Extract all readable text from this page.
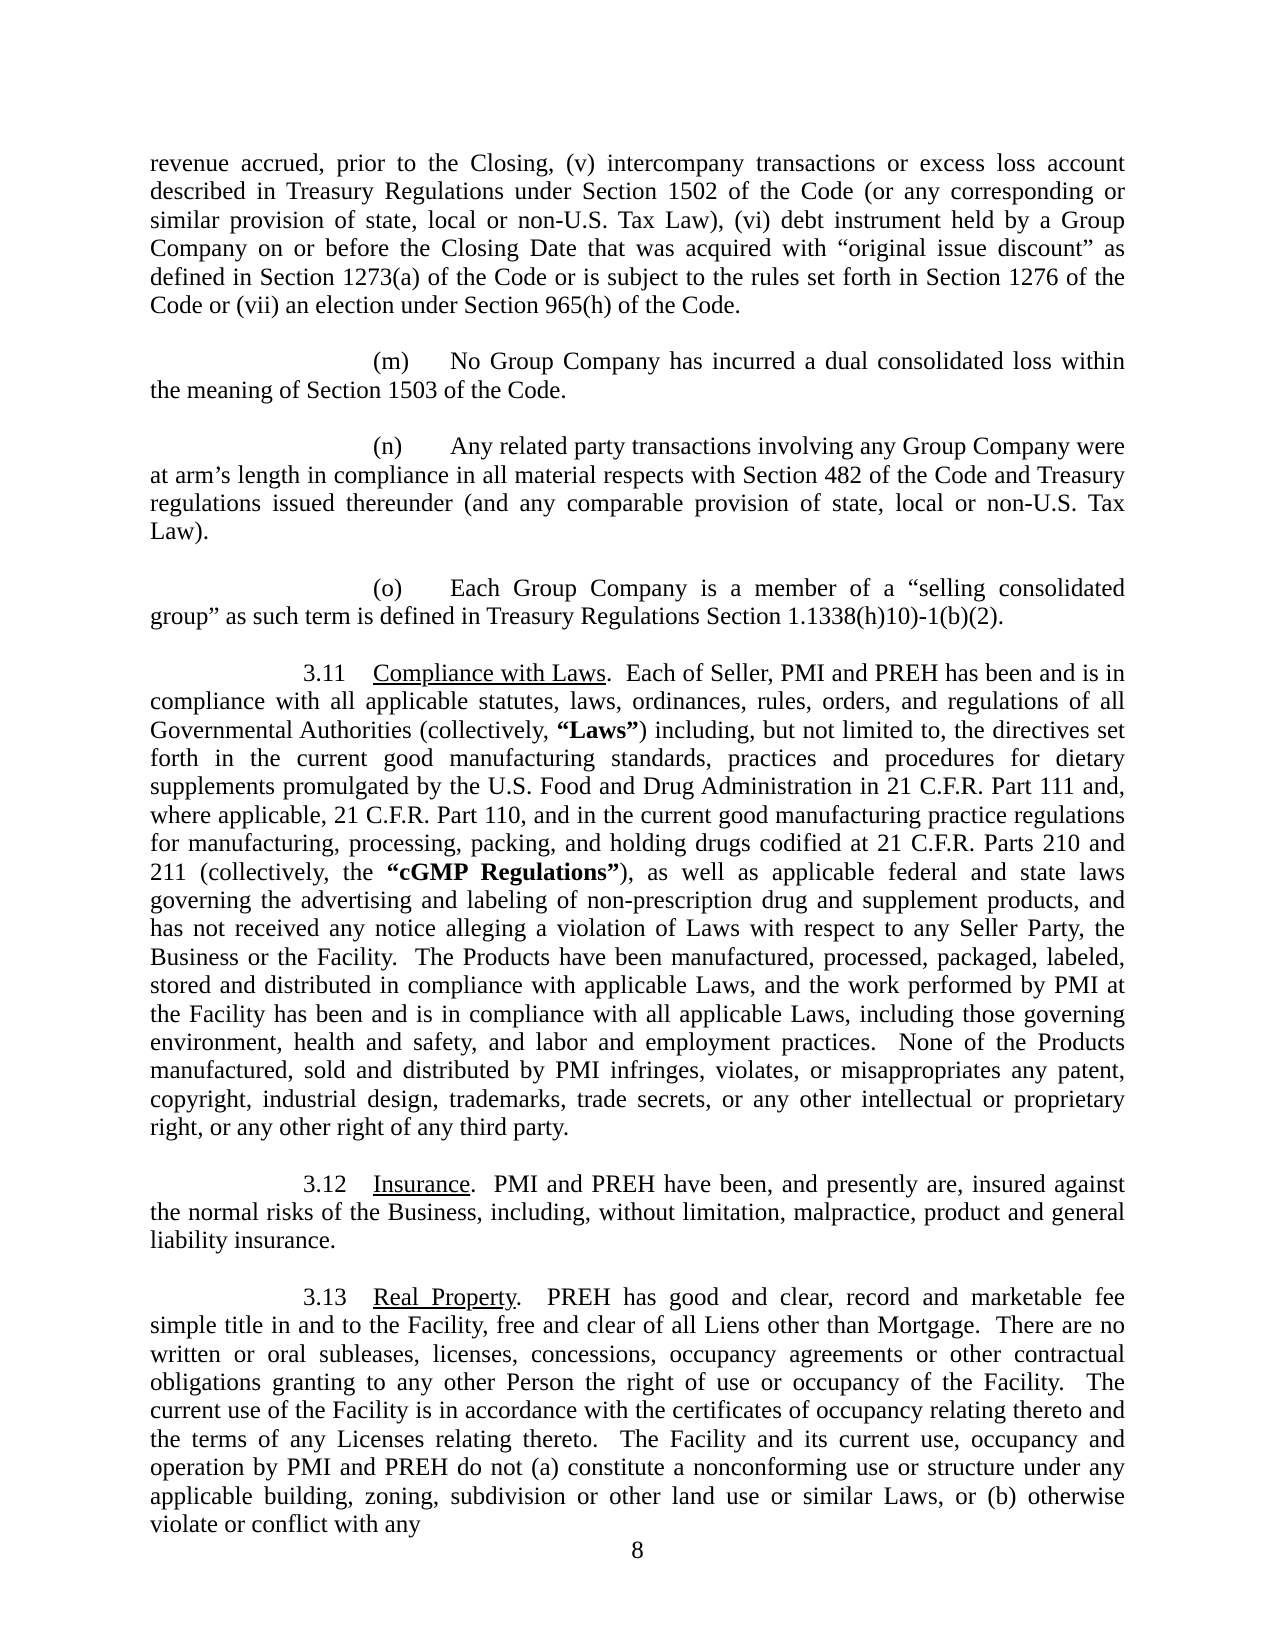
revenue accrued, prior to the Closing, (v) intercompany transactions or excess loss account described in Treasury Regulations under Section 1502 of the Code (or any corresponding or similar provision of state, local or non-U.S. Tax Law), (vi) debt instrument held by a Group Company on or before the Closing Date that was acquired with “original issue discount” as defined in Section 1273(a) of the Code or is subject to the rules set forth in Section 1276 of the Code or (vii) an election under Section 965(h) of the Code.

(m) No Group Company has incurred a dual consolidated loss within the meaning of Section 1503 of the Code.

(n) Any related party transactions involving any Group Company were at arm’s length in compliance in all material respects with Section 482 of the Code and Treasury regulations issued thereunder (and any comparable provision of state, local or non-U.S. Tax Law).

(o) Each Group Company is a member of a “selling consolidated group” as such term is defined in Treasury Regulations Section 1.1338(h)10)-1(b)(2).

3.11 Compliance with Laws.  Each of Seller, PMI and PREH has been and is in compliance with all applicable statutes, laws, ordinances, rules, orders, and regulations of all Governmental Authorities (collectively, “Laws”) including, but not limited to, the directives set forth in the current good manufacturing standards, practices and procedures for dietary supplements promulgated by the U.S. Food and Drug Administration in 21 C.F.R. Part 111 and, where applicable, 21 C.F.R. Part 110, and in the current good manufacturing practice regulations for manufacturing, processing, packing, and holding drugs codified at 21 C.F.R. Parts 210 and 211 (collectively, the “cGMP Regulations”), as well as applicable federal and state laws governing the advertising and labeling of non-prescription drug and supplement products, and has not received any notice alleging a violation of Laws with respect to any Seller Party, the Business or the Facility.  The Products have been manufactured, processed, packaged, labeled, stored and distributed in compliance with applicable Laws, and the work performed by PMI at the Facility has been and is in compliance with all applicable Laws, including those governing environment, health and safety, and labor and employment practices.  None of the Products manufactured, sold and distributed by PMI infringes, violates, or misappropriates any patent, copyright, industrial design, trademarks, trade secrets, or any other intellectual or proprietary right, or any other right of any third party.

3.12 Insurance.  PMI and PREH have been, and presently are, insured against the normal risks of the Business, including, without limitation, malpractice, product and general liability insurance.

3.13 Real Property.  PREH has good and clear, record and marketable fee simple title in and to the Facility, free and clear of all Liens other than Mortgage.  There are no written or oral subleases, licenses, concessions, occupancy agreements or other contractual obligations granting to any other Person the right of use or occupancy of the Facility.  The current use of the Facility is in accordance with the certificates of occupancy relating thereto and the terms of any Licenses relating thereto.  The Facility and its current use, occupancy and operation by PMI and PREH do not (a) constitute a nonconforming use or structure under any applicable building, zoning, subdivision or other land use or similar Laws, or (b) otherwise violate or conflict with any

8
